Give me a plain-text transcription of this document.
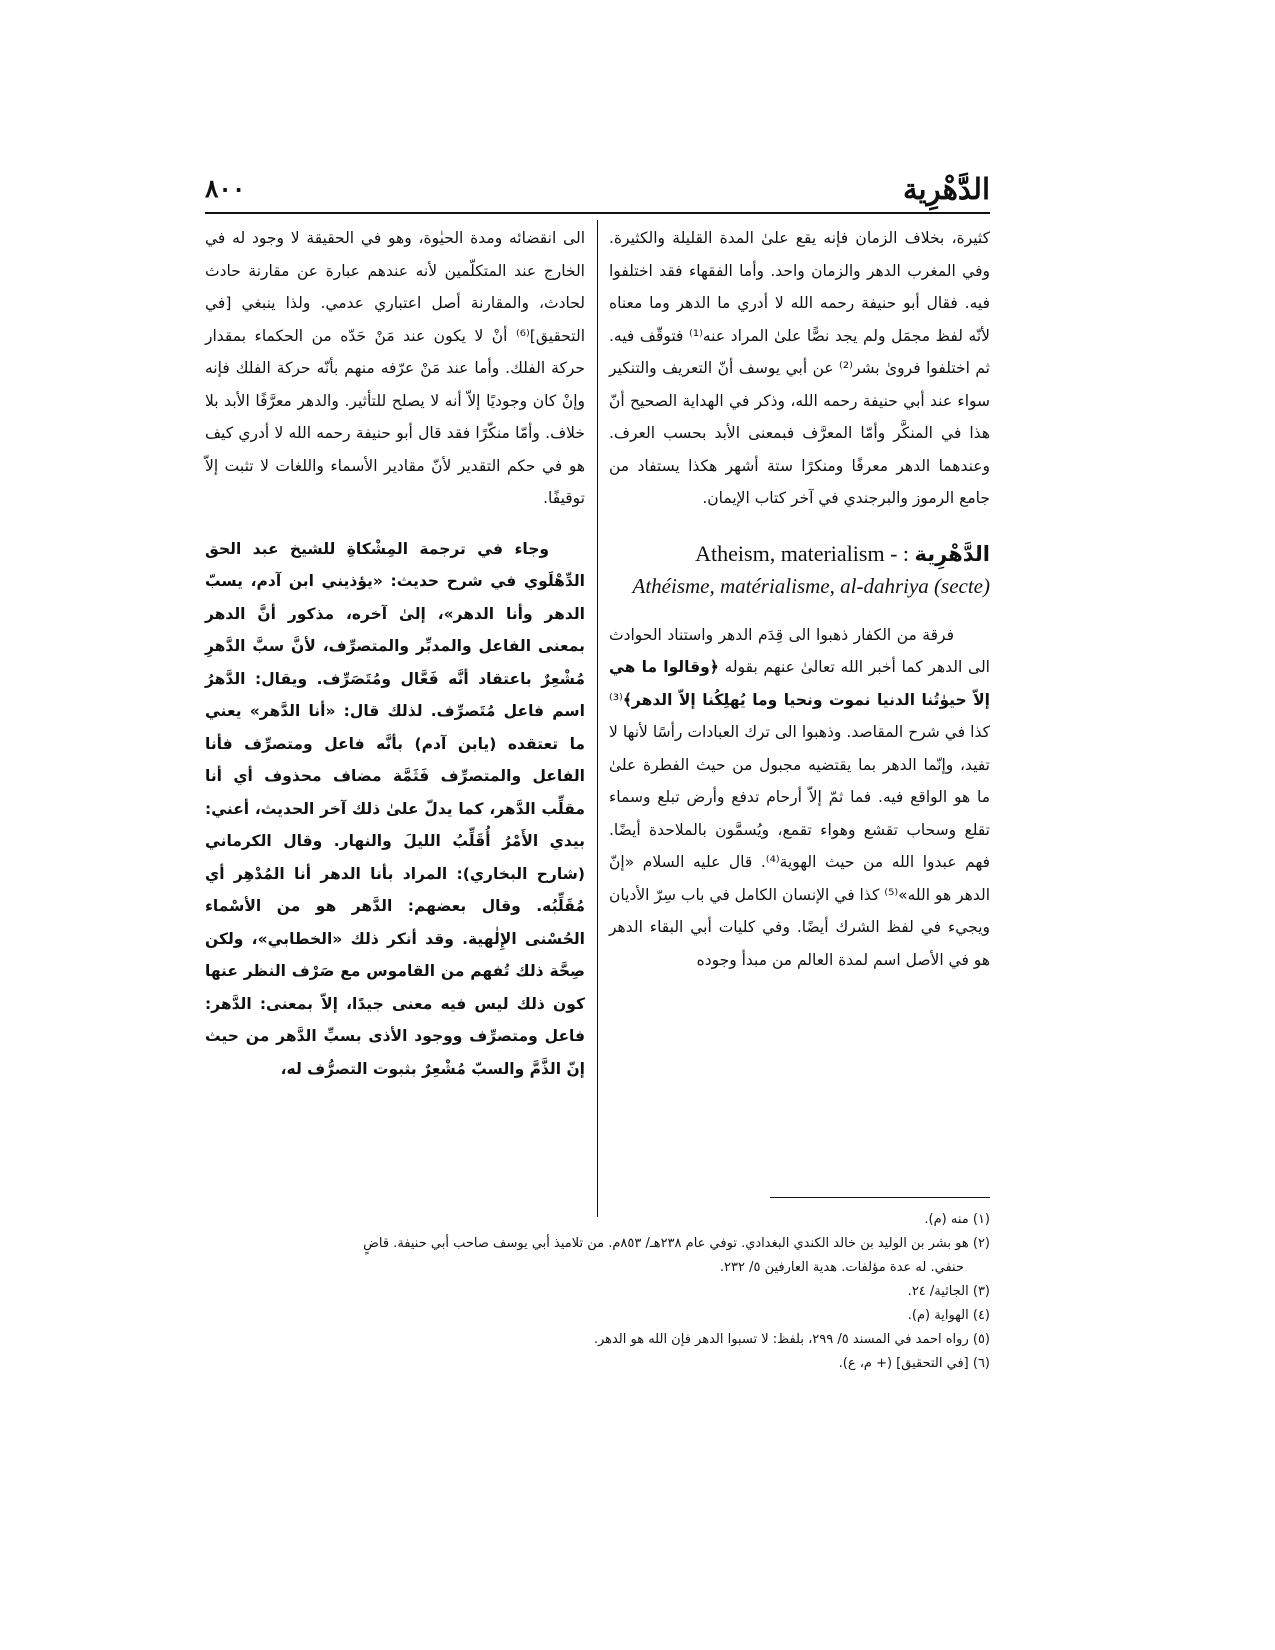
الدَّهْرِية
٨٠٠

كثيرة، بخلاف الزمان فإنه يقع علىٰ المدة القليلة والكثيرة. وفي المغرب الدهر والزمان واحد. وأما الفقهاء فقد اختلفوا فيه. فقال أبو حنيفة رحمه الله لا أدري ما الدهر وما معناه لأنّه لفظ مجمَل ولم يجد نصًّا علىٰ المراد عنه⁽¹⁾ فتوقّف فيه. ثم اختلفوا فروىٰ بشر⁽²⁾ عن أبي يوسف أنّ التعريف والتنكير سواء عند أبي حنيفة رحمه الله، وذكر في الهداية الصحيح أنّ هذا في المنكَّر وأمّا المعرَّف فبمعنى الأبد بحسب العرف. وعندهما الدهر معرفًا ومنكرًا ستة أشهر هكذا يستفاد من جامع الرموز والبرجندي في آخر كتاب الإيمان.

Atheism, materialism - : الدَّهْرِية
Athéisme, matérialisme, al-dahriya (secte)

فرقة من الكفار ذهبوا الى قِدَم الدهر واستناد الحوادث الى الدهر كما أخبر الله تعالىٰ عنهم بقوله ﴿وقالوا ما هي إلاّ حيوٰتُنا الدنيا نموت ونحيا وما يُهلِكُنا إلاّ الدهر﴾⁽³⁾ كذا في شرح المقاصد. وذهبوا الى ترك العبادات رأسًا لأنها لا تفيد، وإنّما الدهر بما يقتضيه مجبول من حيث الفطرة علىٰ ما هو الواقع فيه. فما ثمّ إلاّ أرحام تدفع وأرض تبلع وسماء تقلع وسحاب تقشع وهواء تقمع، ويُسمَّون بالملاحدة أيضًا. فهم عبدوا الله من حيث الهوية⁽⁴⁾. قال عليه السلام «إنّ الدهر هو الله»⁽⁵⁾ كذا في الإنسان الكامل في باب سِرّ الأديان ويجيء في لفظ الشرك أيضًا. وفي كليات أبي البقاء الدهر هو في الأصل اسم لمدة العالم من مبدأ وجوده

الى انقضائه ومدة الحيٰوة، وهو في الحقيقة لا وجود له في الخارج عند المتكلّمين لأنه عندهم عبارة عن مقارنة حادث لحادث، والمقارنة أصل اعتباري عدمي. ولذا ينبغي [في التحقيق]⁽⁶⁾ أنْ لا يكون عند مَنْ حَدّه من الحكماء بمقدار حركة الفلك. وأما عند مَنْ عرّفه منهم بأنّه حركة الفلك فإنه وإنْ كان وجوديًا إلاّ أنه لا يصلح للتأثير. والدهر معرَّفًا الأبد بلا خلاف. وأمّا منكّرًا فقد قال أبو حنيفة رحمه الله لا أدري كيف هو في حكم التقدير لأنّ مقادير الأسماء واللغات لا تثبت إلاّ توقيفًا.

وجاء في ترجمة المِشْكاةِ للشيخ عبد الحق الدِّهْلَوي في شرح حديث: «يؤذيني ابن آدم، يسبّ الدهر وأنا الدهر»، إلىٰ آخره، مذكور أنَّ الدهر بمعنى الفاعل والمدبِّر والمتصرِّف، لأنَّ سبَّ الدَّهرِ مُشْعِرٌ باعتقاد أنَّه فَعَّال ومُتَصَرِّف. ويقال: الدَّهرُ اسم فاعل مُتَصرِّف. لذلك قال: «أنا الدَّهر» يعني ما تعتقده (يابن آدم) بأنَّه فاعل ومتصرِّف فأنا الفاعل والمتصرِّف فَثَمَّة مضاف محذوف أي أنا مقلِّب الدَّهر، كما يدلّ علىٰ ذلك آخر الحديث، أعني: بيدي الأَمْرُ أُقَلِّبُ الليلَ والنهار. وقال الكرماني (شارح البخاري): المراد بأنا الدهر أنا المُدْهِر أي مُقَلِّبُه. وقال بعضهم: الدَّهر هو من الأسْماء الحُسْنى الإِلٰهية. وقد أنكر ذلك «الخطابي»، ولكن صِحَّة ذلك تُفهم من القاموس مع صَرْف النظر عنها كون ذلك ليس فيه معنى جيدًا، إلاّ بمعنى: الدَّهر: فاعل ومتصرِّف ووجود الأذى بسبِّ الدَّهر من حيث إنّ الذَّمَّ والسبّ مُشْعِرٌ بثبوت التصرُّف له،

(١) منه (م).

(٢) هو بشر بن الوليد بن خالد الكندي البغدادي. توفي عام ٢٣٨هـ/ ٨٥٣م. من تلاميذ أبي يوسف صاحب أبي حنيفة. قاضٍ

حنفي. له عدة مؤلفات. هدية العارفين ٥/ ٢٣٢.

(٣) الجاثية/ ٢٤.

(٤) الهواية (م).

(٥) رواه احمد في المسند ٥/ ٢٩٩، بلفظ: لا تسبوا الدهر فإن الله هو الدهر.

(٦) [في التحقيق] (+ م، ع).
